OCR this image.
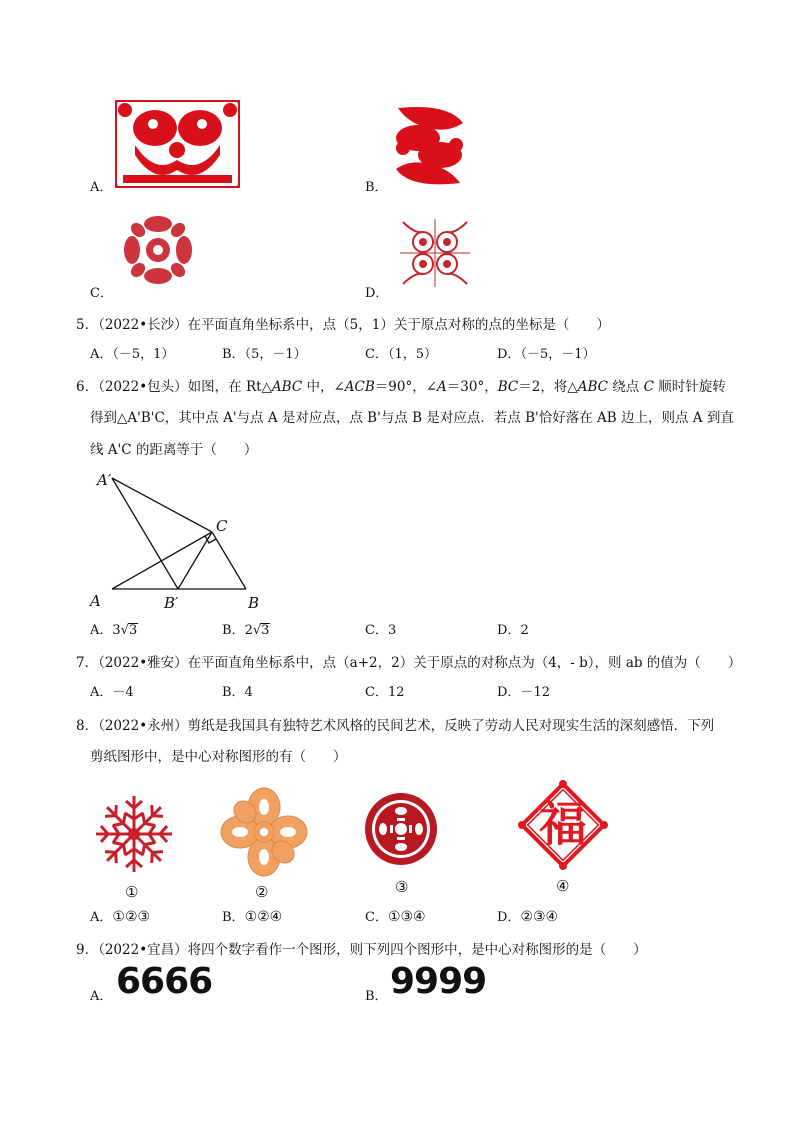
A．	B．
C．	D．
5．（2022•长沙）在平面直角坐标系中，点（5，1）关于原点对称的点的坐标是（　　）
A．（－5，1）	B．（5，－1）	C．（1，5）	D．（－5，－1）
6．（2022•包头）如图，在 Rt△ABC 中，∠ACB＝90°，∠A＝30°，BC＝2，将△ABC 绕点 C 顺时针旋转
得到△A'B'C，其中点 A'与点 A 是对应点，点 B'与点 B 是对应点．若点 B'恰好落在 AB 边上，则点 A 到直
线 A'C 的距离等于（　　）
A′
C
A	B′	B
A．3√3	B．2√3	C．3	D．2
7．（2022•雅安）在平面直角坐标系中，点（a+2，2）关于原点的对称点为（4，- b），则 ab 的值为（　　）
A．－4	B．4	C．12	D．－12
8．（2022•永州）剪纸是我国具有独特艺术风格的民间艺术，反映了劳动人民对现实生活的深刻感悟．下列
剪纸图形中，是中心对称图形的有（　　）
①	②	③
福
④
A．①②③	B．①②④	C．①③④	D．②③④
9．（2022•宜昌）将四个数字看作一个图形，则下列四个图形中，是中心对称图形的是（　　）
A． 6666	B． 9999
